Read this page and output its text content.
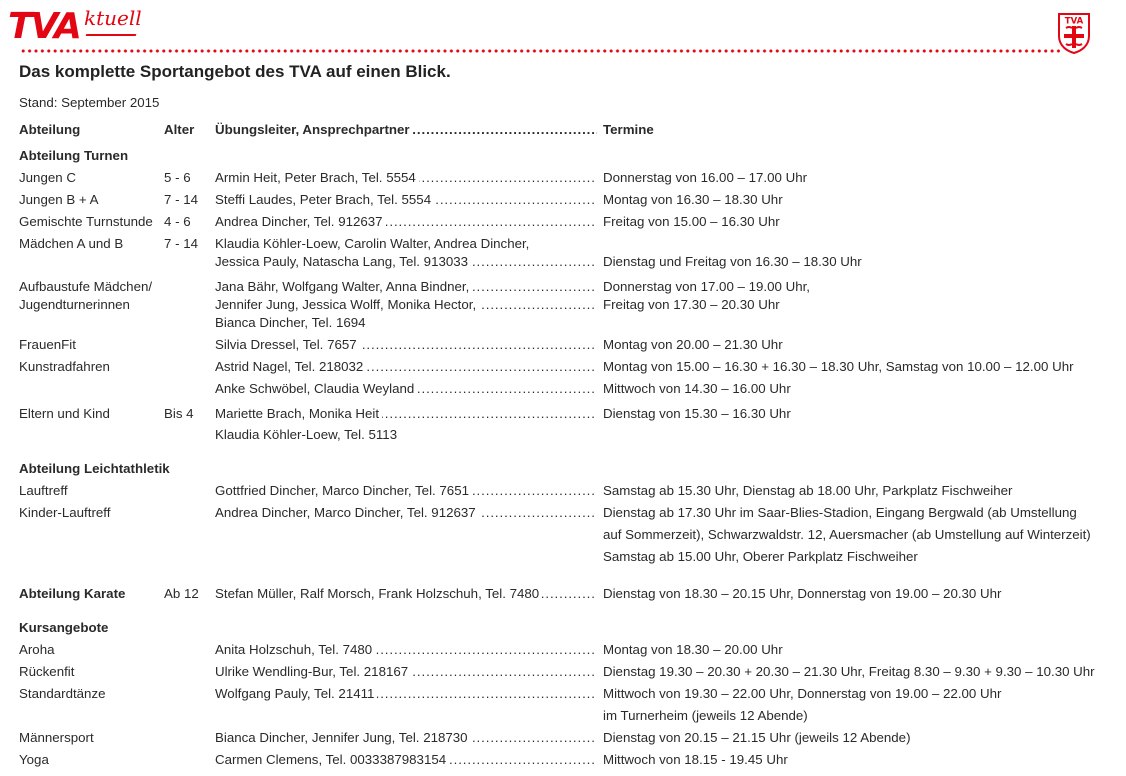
TVA ktuell	TVA
Das komplette Sportangebot des TVA auf einen Blick.
Stand: September 2015
Abteilung	Alter Übungsleiter, Ansprechpartner . . .	Termine
Abteilung Turnen
Jungen C	5 - 6 Armin Heit, Peter Brach, Tel. 5554 . . .	Donnerstag von 16.00 – 17.00 Uhr
Jungen B + A	7 - 14 Steffi Laudes, Peter Brach, Tel. 5554 . . .	Montag von 16.30 – 18.30 Uhr
Gemischte Turnstunde 4 - 6 Andrea Dincher, Tel. 912637 . . .	Freitag von 15.00 – 16.30 Uhr
Mädchen A und B	7 - 14 Klaudia Köhler-Loew, Carolin Walter, Andrea Dincher,
Jessica Pauly, Natascha Lang, Tel. 913033 . . .	Dienstag und Freitag von 16.30 – 18.30 Uhr
Aufbaustufe Mädchen/	Jana Bähr, Wolfgang Walter, Anna Bindner, . . .	Donnerstag von 17.00 – 19.00 Uhr,
Jugendturnerinnen	Jennifer Jung, Jessica Wolff, Monika Hector, . . .	Freitag von 17.30 – 20.30 Uhr
Bianca Dincher, Tel. 1694
FrauenFit	Silvia Dressel, Tel. 7657 . . .	Montag von 20.00 – 21.30 Uhr
Kunstradfahren	Astrid Nagel, Tel. 218032 . . .	Montag von 15.00 – 16.30 + 16.30 – 18.30 Uhr, Samstag von 10.00 – 12.00 Uhr
Anke Schwöbel, Claudia Weyland . . .	Mittwoch von 14.30 – 16.00 Uhr
Eltern und Kind	Bis 4 Mariette Brach, Monika Heit . . .	Dienstag von 15.30 – 16.30 Uhr
Klaudia Köhler-Loew, Tel. 5113
Abteilung Leichtathletik
Lauftreff	Gottfried Dincher, Marco Dincher, Tel. 7651 . . .	Samstag ab 15.30 Uhr, Dienstag ab 18.00 Uhr, Parkplatz Fischweiher
Kinder-Lauftreff	Andrea Dincher, Marco Dincher, Tel. 912637 . . .	Dienstag ab 17.30 Uhr im Saar-Blies-Stadion, Eingang Bergwald (ab Umstellung
auf Sommerzeit), Schwarzwaldstr. 12, Auersmacher (ab Umstellung auf Winterzeit)
Samstag ab 15.00 Uhr, Oberer Parkplatz Fischweiher
Abteilung Karate	Ab 12 Stefan Müller, Ralf Morsch, Frank Holzschuh, Tel. 7480 . . .	Dienstag von 18.30 – 20.15 Uhr, Donnerstag von 19.00 – 20.30 Uhr
Kursangebote
Aroha	Anita Holzschuh, Tel. 7480 . . .	Montag von 18.30 – 20.00 Uhr
Rückenfit	Ulrike Wendling-Bur, Tel. 218167 . . .	Dienstag 19.30 – 20.30 + 20.30 – 21.30 Uhr, Freitag 8.30 – 9.30 + 9.30 – 10.30 Uhr
Standardtänze	Wolfgang Pauly, Tel. 21411 . . .	Mittwoch von 19.30 – 22.00 Uhr, Donnerstag von 19.00 – 22.00 Uhr
im Turnerheim (jeweils 12 Abende)
Männersport	Bianca Dincher, Jennifer Jung, Tel. 218730 . . .	Dienstag von 20.15 – 21.15 Uhr (jeweils 12 Abende)
Yoga	Carmen Clemens, Tel. 0033387983154 . . .	Mittwoch von 18.15 - 19.45 Uhr
